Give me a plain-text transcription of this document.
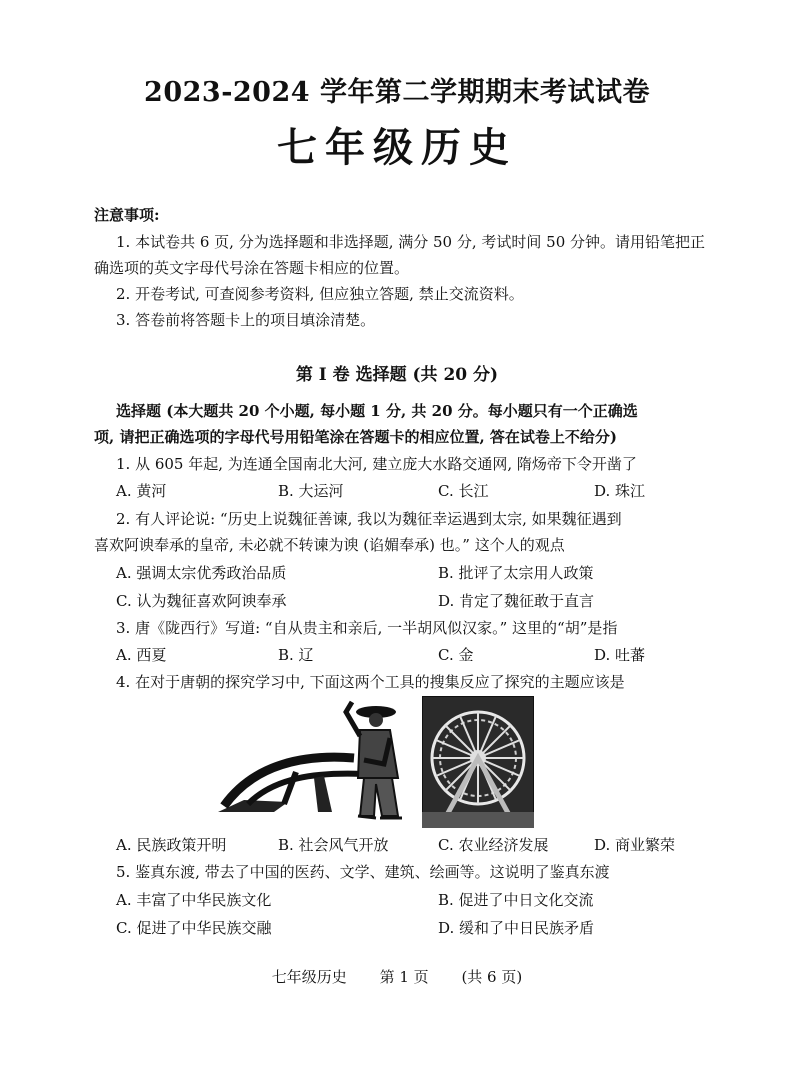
2023-2024 学年第二学期期末考试试卷
七年级历史
注意事项:
1. 本试卷共 6 页, 分为选择题和非选择题, 满分 50 分, 考试时间 50 分钟。请用铅笔把正
确选项的英文字母代号涂在答题卡相应的位置。
2. 开卷考试, 可查阅参考资料, 但应独立答题, 禁止交流资料。
3. 答卷前将答题卡上的项目填涂清楚。
第 I 卷 选择题 (共 20 分)
选择题 (本大题共 20 个小题, 每小题 1 分, 共 20 分。每小题只有一个正确选
项, 请把正确选项的字母代号用铅笔涂在答题卡的相应位置, 答在试卷上不给分)
1. 从 605 年起, 为连通全国南北大河, 建立庞大水路交通网, 隋炀帝下令开凿了
A. 黄河	B. 大运河	C. 长江	D. 珠江
2. 有人评论说: “历史上说魏征善谏, 我以为魏征幸运遇到太宗, 如果魏征遇到
喜欢阿谀奉承的皇帝, 未必就不转谏为谀 (谄媚奉承) 也。” 这个人的观点
A. 强调太宗优秀政治品质	B. 批评了太宗用人政策
C. 认为魏征喜欢阿谀奉承	D. 肯定了魏征敢于直言
3. 唐《陇西行》写道: “自从贵主和亲后, 一半胡风似汉家。” 这里的“胡”是指
A. 西夏	B. 辽	C. 金	D. 吐蕃
4. 在对于唐朝的探究学习中, 下面这两个工具的搜集反应了探究的主题应该是
A. 民族政策开明	B. 社会风气开放	C. 农业经济发展	D. 商业繁荣
5. 鉴真东渡, 带去了中国的医药、文学、建筑、绘画等。这说明了鉴真东渡
A. 丰富了中华民族文化	B. 促进了中日文化交流
C. 促进了中华民族交融	D. 缓和了中日民族矛盾
七年级历史 第 1 页 (共 6 页)
